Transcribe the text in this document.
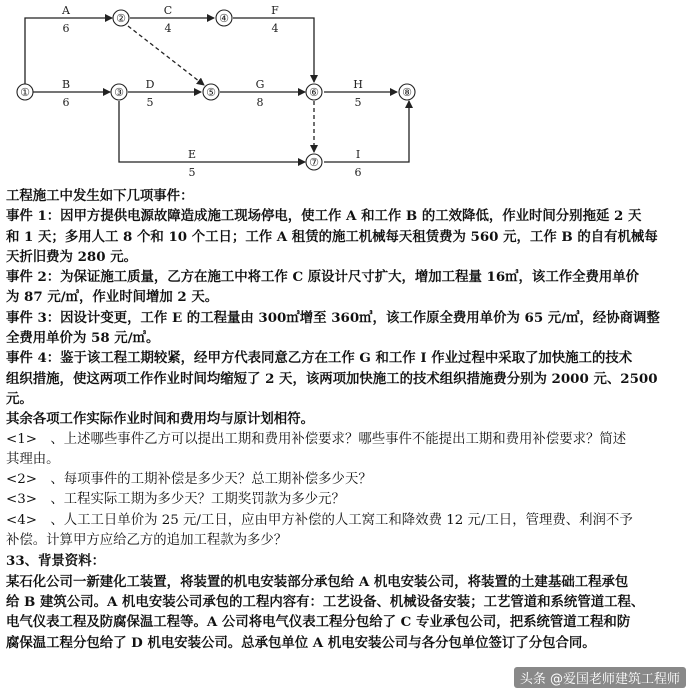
A
6
B
6
C
4
D
5
E
5
F
4
G
8
H
5
I
6
①
②
③
④
⑤	⑥
⑦
⑧
工程施工中发生如下几项事件：
事件 1：因甲方提供电源故障造成施工现场停电，使工作 A 和工作 B 的工效降低，作业时间分别拖延 2 天
和 1 天；多用人工 8 个和 10 个工日；工作 A 租赁的施工机械每天租赁费为 560 元，工作 B 的自有机械每
天折旧费为 280 元。
事件 2：为保证施工质量，乙方在施工中将工作 C 原设计尺寸扩大，增加工程量 16㎥，该工作全费用单价
为 87 元/㎥，作业时间增加 2 天。
事件 3：因设计变更，工作 E 的工程量由 300㎥增至 360㎥，该工作原全费用单价为 65 元/㎥，经协商调整
全费用单价为 58 元/㎥。
事件 4：鉴于该工程工期较紧，经甲方代表同意乙方在工作 G 和工作 I 作业过程中采取了加快施工的技术
组织措施，使这两项工作作业时间均缩短了 2 天，该两项加快施工的技术组织措施费分别为 2000 元、2500
元。
其余各项工作实际作业时间和费用均与原计划相符。
<1>　、上述哪些事件乙方可以提出工期和费用补偿要求？哪些事件不能提出工期和费用补偿要求？简述
其理由。
<2>　、每项事件的工期补偿是多少天？总工期补偿多少天？
<3>　、工程实际工期为多少天？工期奖罚款为多少元？
<4>　、人工工日单价为 25 元/工日，应由甲方补偿的人工窝工和降效费 12 元/工日，管理费、利润不予
补偿。计算甲方应给乙方的追加工程款为多少？
33、背景资料：
某石化公司一新建化工装置，将装置的机电安装部分承包给 A 机电安装公司，将装置的土建基础工程承包
给 B 建筑公司。A 机电安装公司承包的工程内容有：工艺设备、机械设备安装；工艺管道和系统管道工程、
电气仪表工程及防腐保温工程等。A 公司将电气仪表工程分包给了 C 专业承包公司，把系统管道工程和防
腐保温工程分包给了 D 机电安装公司。总承包单位 A 机电安装公司与各分包单位签订了分包合同。
头条 @爱国老师建筑工程师
